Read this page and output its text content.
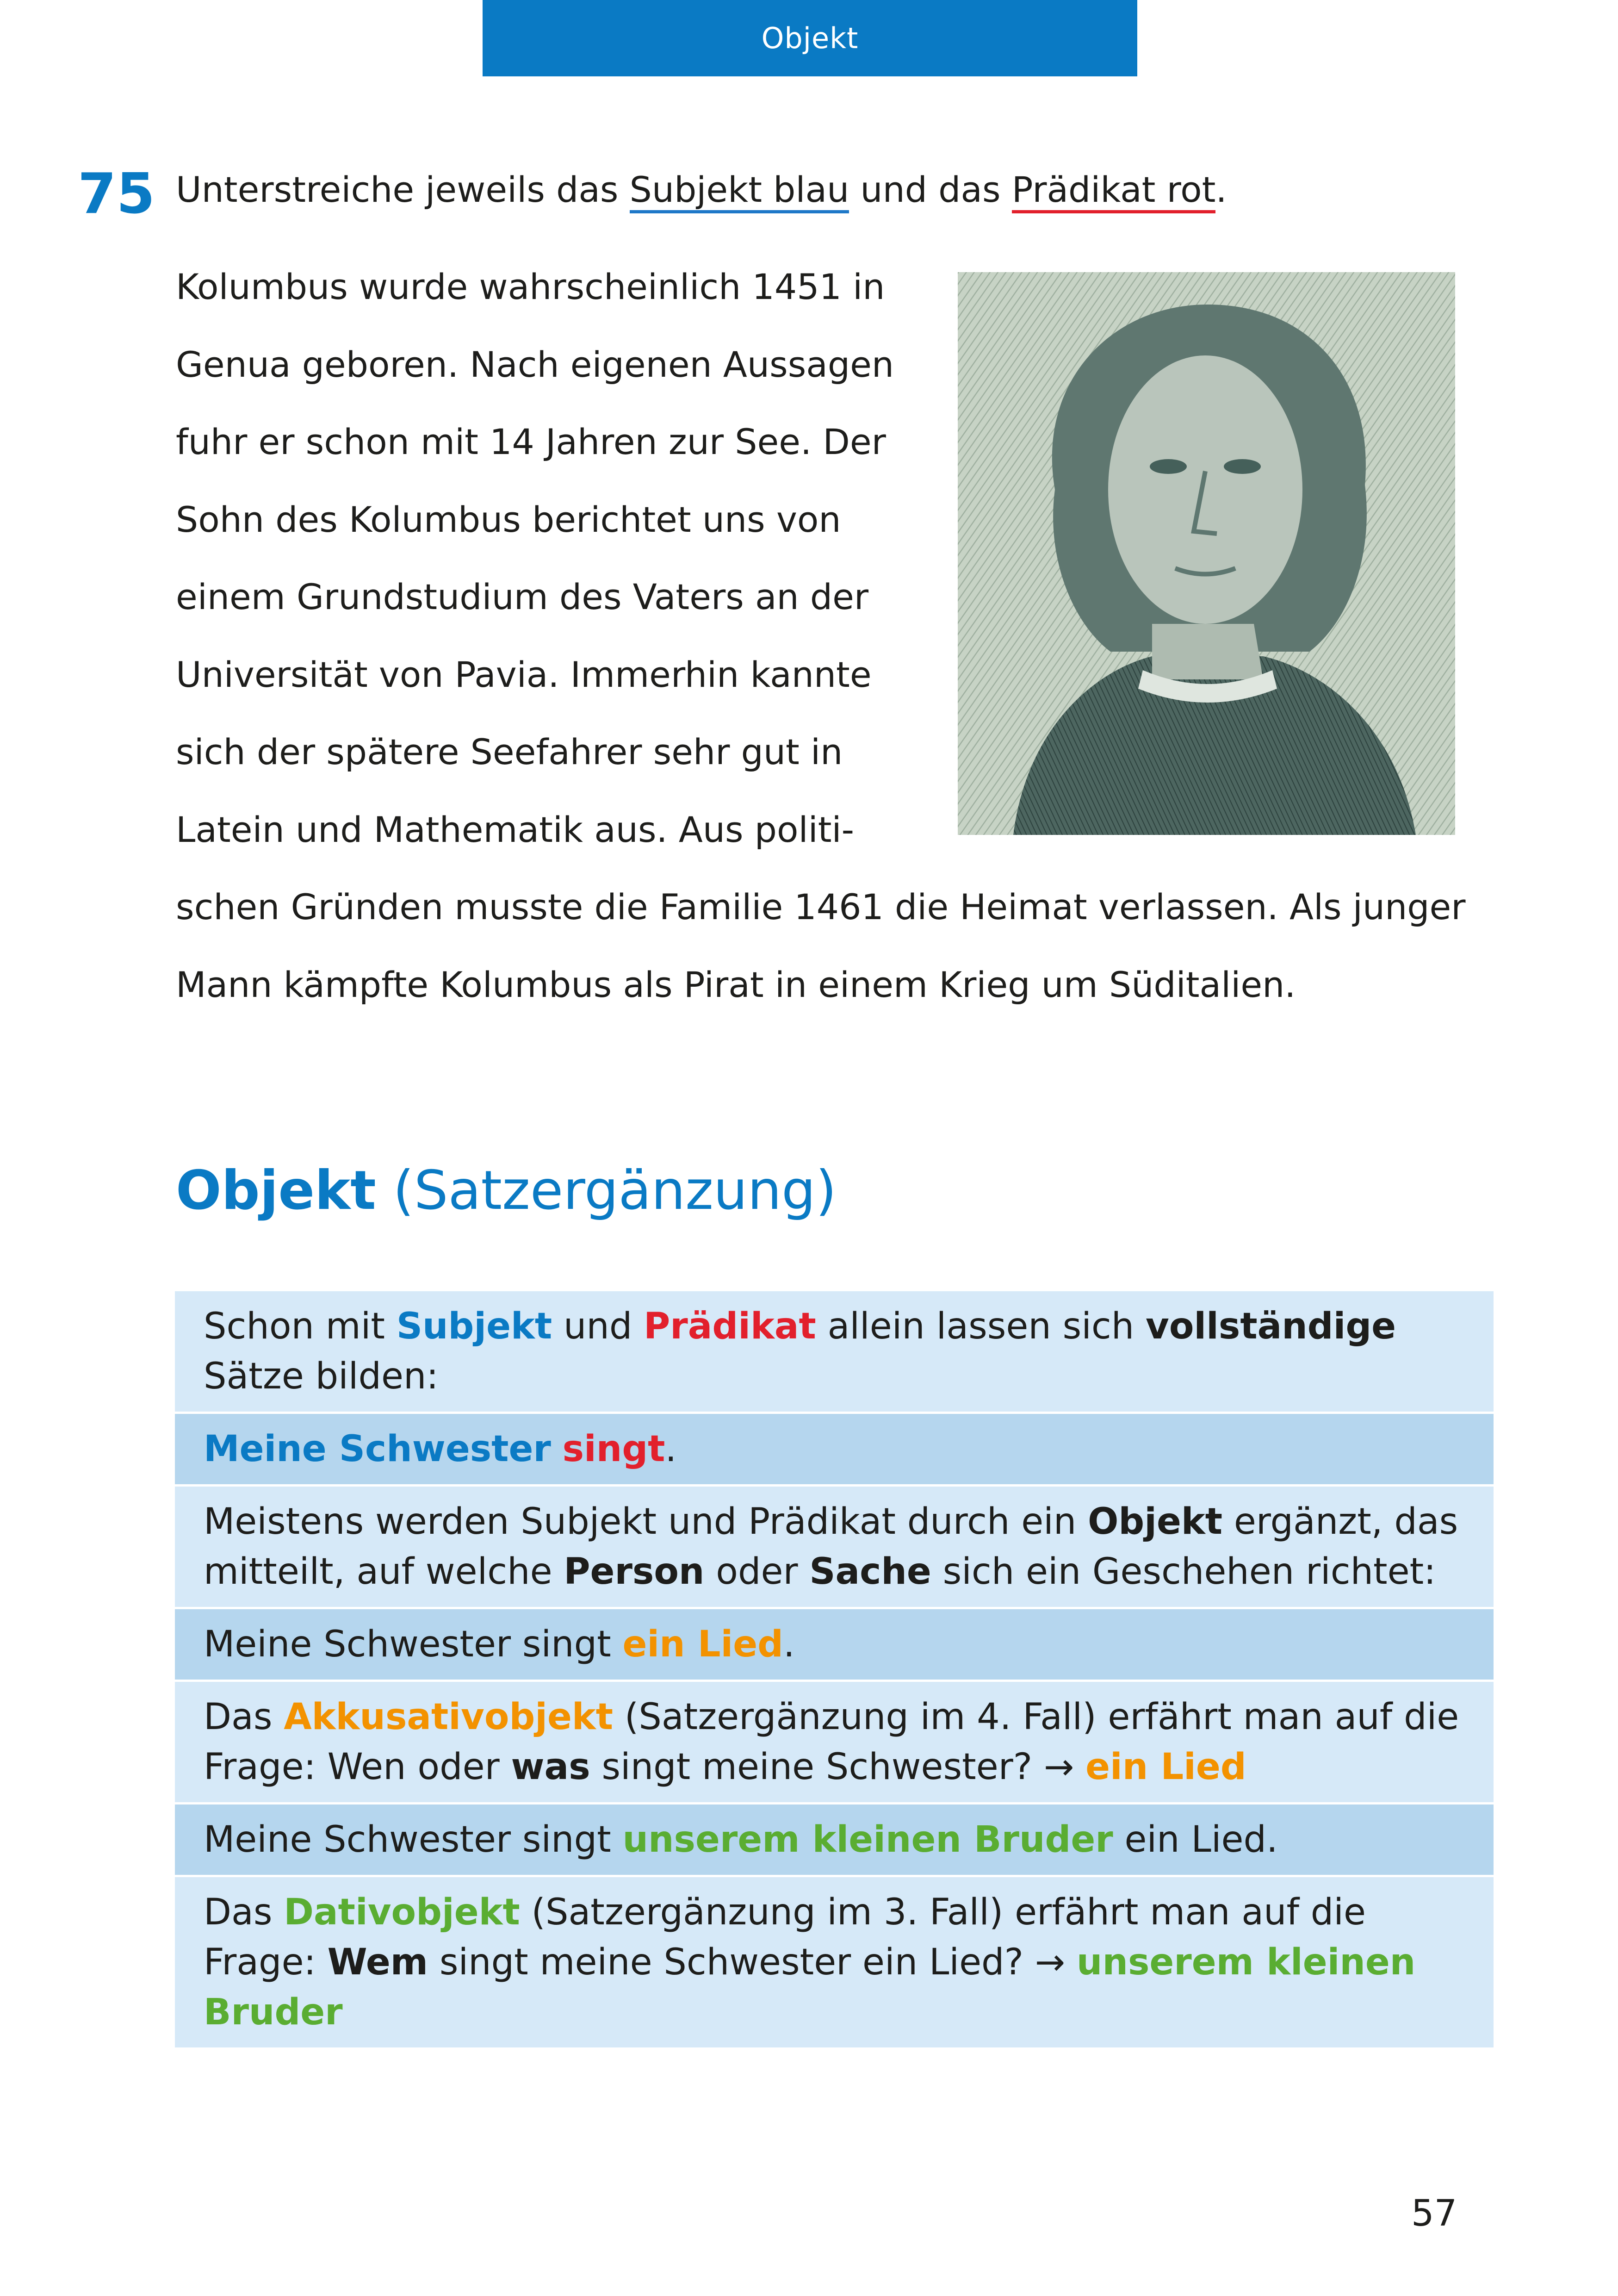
Objekt
75 Unterstreiche jeweils das Subjekt blau und das Prädikat rot.
Kolumbus wurde wahrscheinlich 1451 in
Genua geboren. Nach eigenen Aussagen
fuhr er schon mit 14 Jahren zur See. Der
Sohn des Kolumbus berichtet uns von
einem Grundstudium des Vaters an der
Universität von Pavia. Immerhin kannte
sich der spätere Seefahrer sehr gut in
Latein und Mathematik aus. Aus politi-
schen Gründen musste die Familie 1461 die Heimat verlassen. Als junger
Mann kämpfte Kolumbus als Pirat in einem Krieg um Süditalien.
Objekt (Satzergänzung)
Schon mit Subjekt und Prädikat allein lassen sich vollständige Sätze bilden:
Meine Schwester singt.
Meistens werden Subjekt und Prädikat durch ein Objekt ergänzt, das mitteilt, auf welche Person oder Sache sich ein Geschehen richtet:
Meine Schwester singt ein Lied.
Das Akkusativobjekt (Satzergänzung im 4. Fall) erfährt man auf die Frage: Wen oder was singt meine Schwester? → ein Lied
Meine Schwester singt unserem kleinen Bruder ein Lied.
Das Dativobjekt (Satzergänzung im 3. Fall) erfährt man auf die Frage: Wem singt meine Schwester ein Lied? → unserem kleinen Bruder
57
